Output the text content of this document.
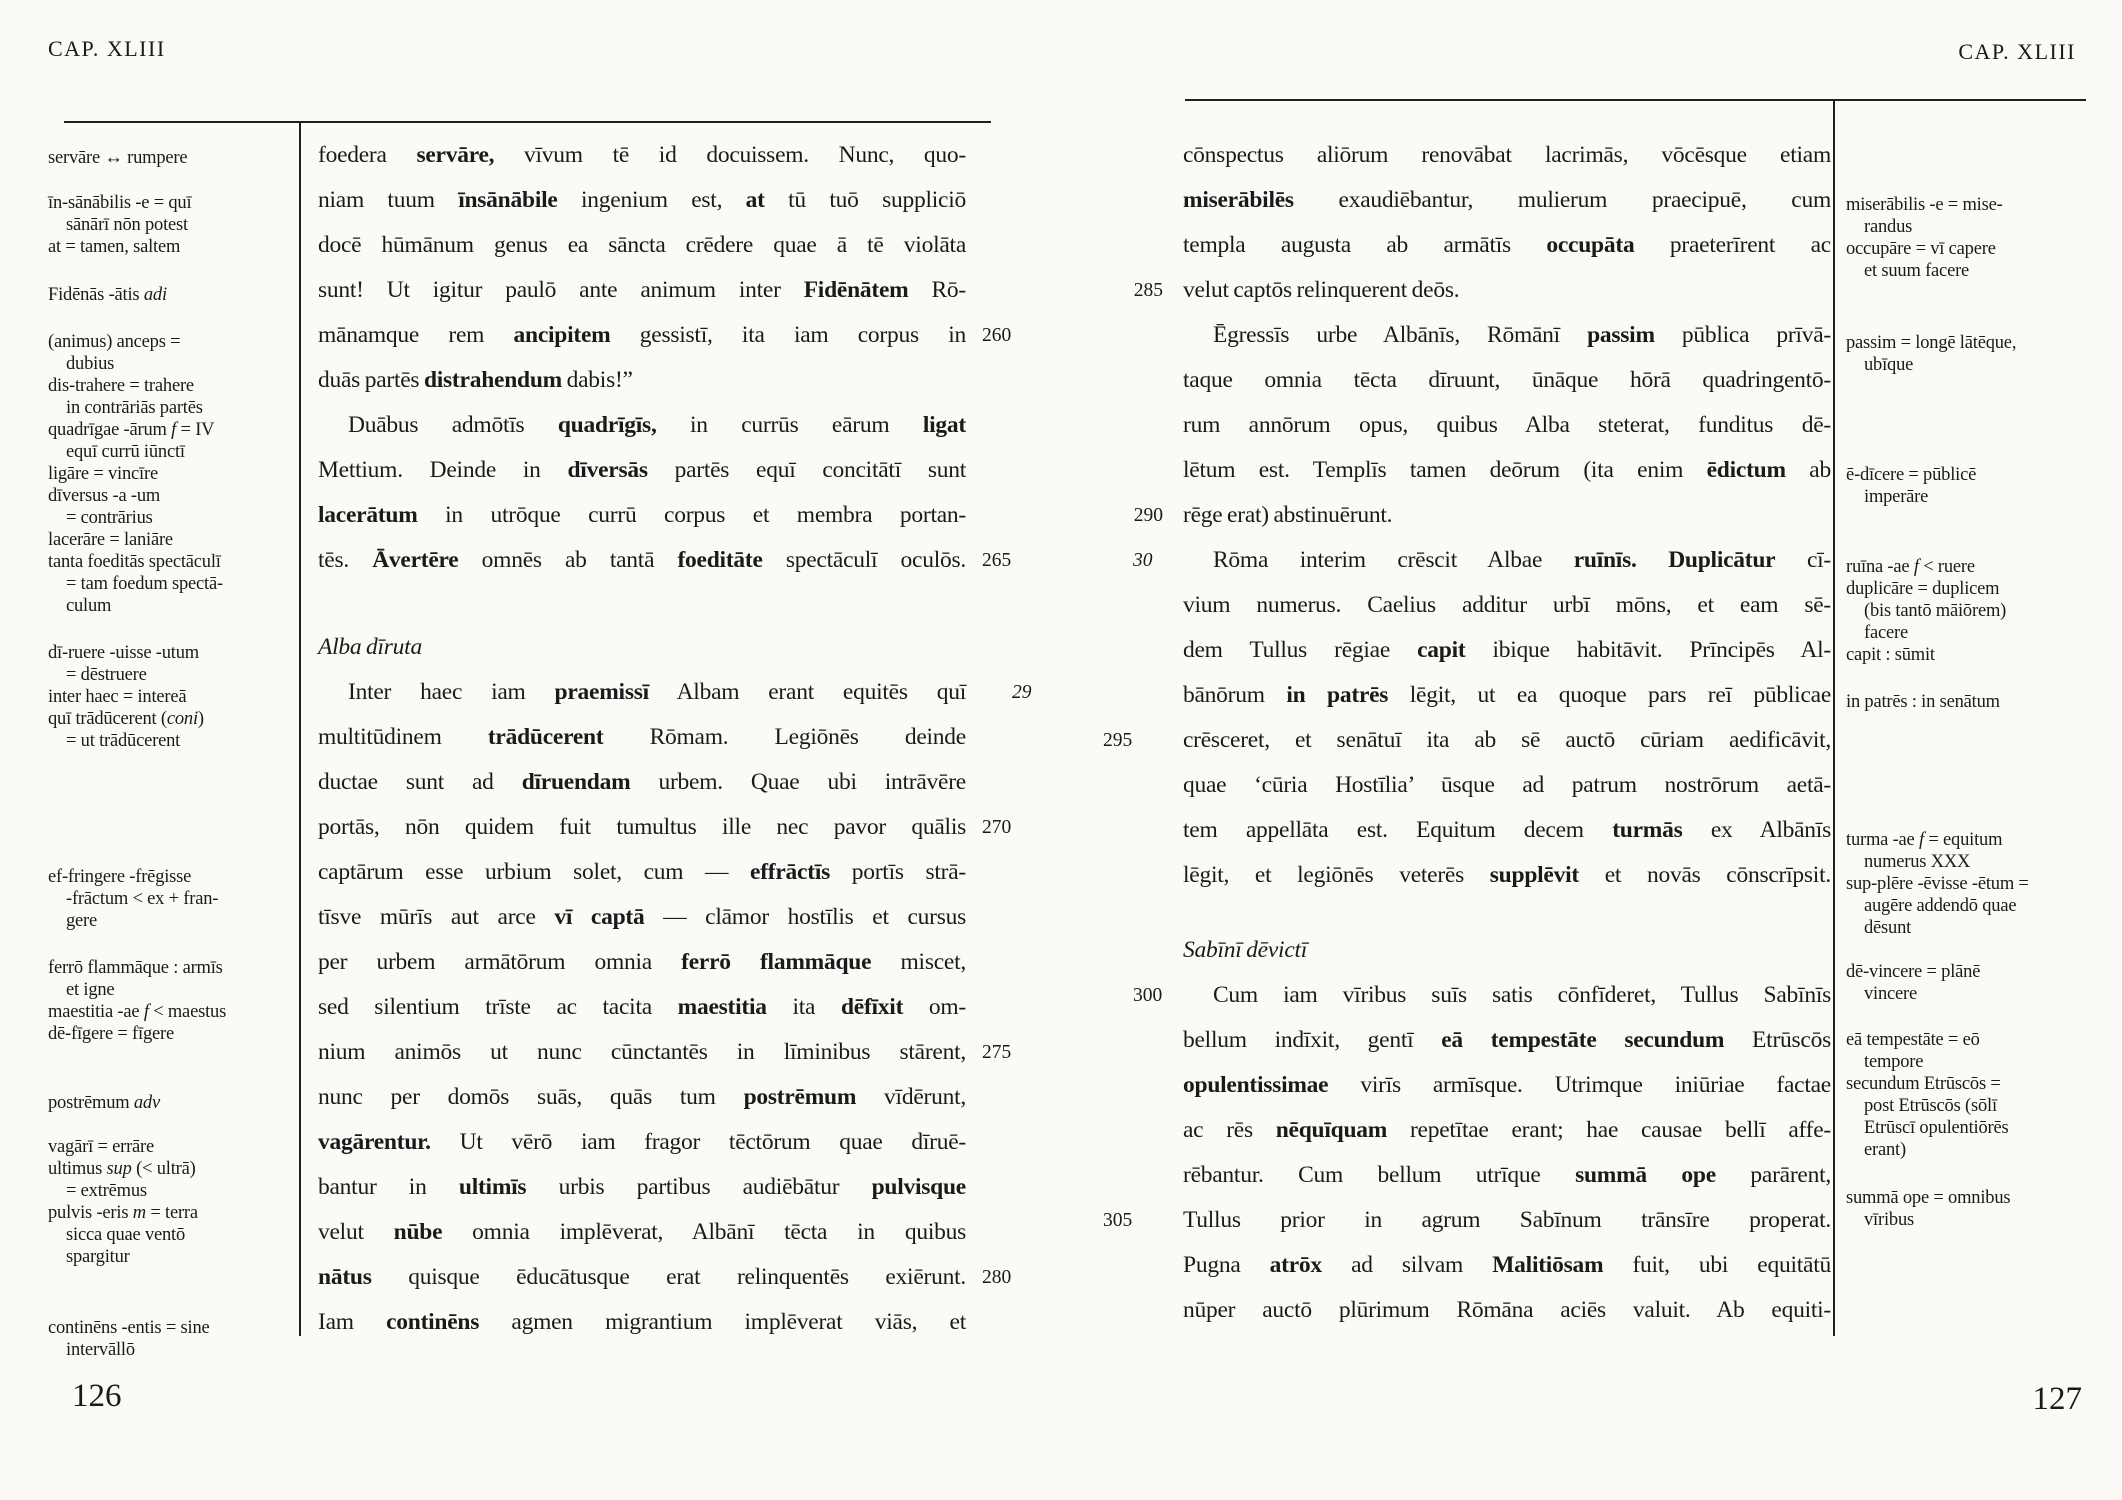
CAP. XLIII	CAP. XLIII
foedera servāre, vīvum tē id docuissem. Nunc, quo-
niam tuum īnsānābile ingenium est, at tū tuō suppliciō
docē hūmānum genus ea sāncta crēdere quae ā tē violāta
sunt! Ut igitur paulō ante animum inter Fidēnātem Rō-
mānamque rem ancipitem gessistī, ita iam corpus in 260
duās partēs distrahendum dabis!”
Duābus admōtīs quadrīgīs, in currūs eārum ligat
Mettium. Deinde in dīversās partēs equī concitātī sunt
lacerātum in utrōque currū corpus et membra portan-
tēs. Āvertēre omnēs ab tantā foeditāte spectāculī oculōs. 265
Alba dīruta
Inter haec iam praemissī Albam erant equitēs quī	29
multitūdinem trādūcerent Rōmam. Legiōnēs deinde
ductae sunt ad dīruendam urbem. Quae ubi intrāvēre
portās, nōn quidem fuit tumultus ille nec pavor quālis 270
captārum esse urbium solet, cum — effrāctīs portīs strā-
tīsve mūrīs aut arce vī captā — clāmor hostīlis et cursus
per urbem armātōrum omnia ferrō flammāque miscet,
sed silentium trīste ac tacita maestitia ita dēfīxit om-
nium animōs ut nunc cūnctantēs in līminibus stārent, 275
nunc per domōs suās, quās tum postrēmum vīdērunt,
vagārentur. Ut vērō iam fragor tēctōrum quae dīruē-
bantur in ultimīs urbis partibus audiēbātur pulvisque
velut nūbe omnia implēverat, Albānī tēcta in quibus
nātus quisque ēducātusque erat relinquentēs exiērunt. 280
Iam continēns agmen migrantium implēverat viās, et
cōnspectus aliōrum renovābat lacrimās, vōcēsque etiam
miserābilēs exaudiēbantur, mulierum praecipuē, cum
templa augusta ab armātīs occupāta praeterīrent ac
velut captōs relinquerent deōs.
285
Ēgressīs urbe Albānīs, Rōmānī passim pūblica prīvā-
taque omnia tēcta dīruunt, ūnāque hōrā quadringentō-
rum annōrum opus, quibus Alba steterat, funditus dē-
lētum est. Templīs tamen deōrum (ita enim ēdictum ab
rēge erat) abstinuērunt.
290
Rōma interim crēscit Albae ruīnīs. Duplicātur cī-
30
vium numerus. Caelius additur urbī mōns, et eam sē-
dem Tullus rēgiae capit ibique habitāvit. Prīncipēs Al-
bānōrum in patrēs lēgit, ut ea quoque pars reī pūblicae
crēsceret, et senātuī ita ab sē auctō cūriam aedificāvit,
295
quae ‘cūria Hostīlia’ ūsque ad patrum nostrōrum aetā-
tem appellāta est. Equitum decem turmās ex Albānīs
lēgit, et legiōnēs veterēs supplēvit et novās cōnscrīpsit.
Sabīnī dēvictī
Cum iam vīribus suīs satis cōnfīderet, Tullus Sabīnīs
300
bellum indīxit, gentī eā tempestāte secundum Etrūscōs
opulentissimae virīs armīsque. Utrimque iniūriae factae
ac rēs nēquīquam repetītae erant; hae causae bellī affe-
rēbantur. Cum bellum utrīque summā ope parārent,
Tullus prior in agrum Sabīnum trānsīre properat.
305
Pugna atrōx ad silvam Malitiōsam fuit, ubi equitātū
nūper auctō plūrimum Rōmāna aciēs valuit. Ab equiti-
servāre ↔ rumpere
īn-sānābilis -e = quī
sānārī nōn potest
at = tamen, saltem
Fidēnās -ātis adi
(animus) anceps =
dubius
dis-trahere = trahere
in contrāriās partēs
quadrīgae -ārum f = IV
equī currū iūnctī
ligāre = vincīre
dīversus -a -um
= contrārius
lacerāre = laniāre
tanta foeditās spectāculī
= tam foedum spectā-
culum
dī-ruere -uisse -utum
= dēstruere
inter haec = intereā
quī trādūcerent (coni)
= ut trādūcerent
ef-fringere -frēgisse
-frāctum < ex + fran-
gere
ferrō flammāque : armīs
et igne
maestitia -ae f < maestus
dē-fīgere = fīgere
postrēmum adv
vagārī = errāre
ultimus sup (< ultrā)
= extrēmus
pulvis -eris m = terra
sicca quae ventō
spargitur
continēns -entis = sine
intervāllō
miserābilis -e = mise-
randus
occupāre = vī capere
et suum facere
passim = longē lātēque,
ubīque
ē-dīcere = pūblicē
imperāre
ruīna -ae f < ruere
duplicāre = duplicem
(bis tantō māiōrem)
facere
capit : sūmit
in patrēs : in senātum
turma -ae f = equitum
numerus XXX
sup-plēre -ēvisse -ētum =
augēre addendō quae
dēsunt
dē-vincere = plānē
vincere
eā tempestāte = eō
tempore
secundum Etrūscōs =
post Etrūscōs (sōlī
Etrūscī opulentiōrēs
erant)
summā ope = omnibus
vīribus
126	127
